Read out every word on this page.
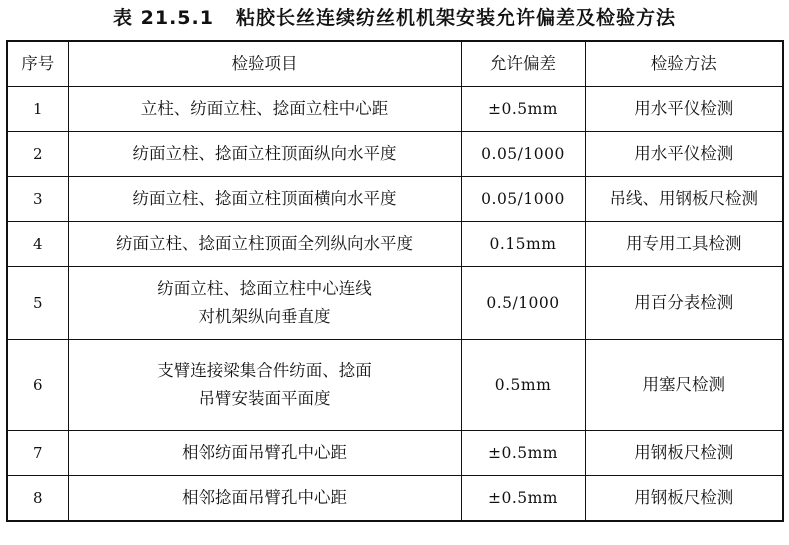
表 21.5.1 粘胶长丝连续纺丝机机架安装允许偏差及检验方法
序号	检验项目	允许偏差	检验方法
1	立柱、纺面立柱、捻面立柱中心距	±0.5mm	用水平仪检测
2	纺面立柱、捻面立柱顶面纵向水平度	0.05/1000	用水平仪检测
3	纺面立柱、捻面立柱顶面横向水平度	0.05/1000	吊线、用钢板尺检测
4	纺面立柱、捻面立柱顶面全列纵向水平度	0.15mm	用专用工具检测
5	纺面立柱、捻面立柱中心连线
对机架纵向垂直度	0.5/1000	用百分表检测
6	支臂连接梁集合件纺面、捻面
吊臂安装面平面度	0.5mm	用塞尺检测
7	相邻纺面吊臂孔中心距	±0.5mm	用钢板尺检测
8	相邻捻面吊臂孔中心距	±0.5mm	用钢板尺检测
